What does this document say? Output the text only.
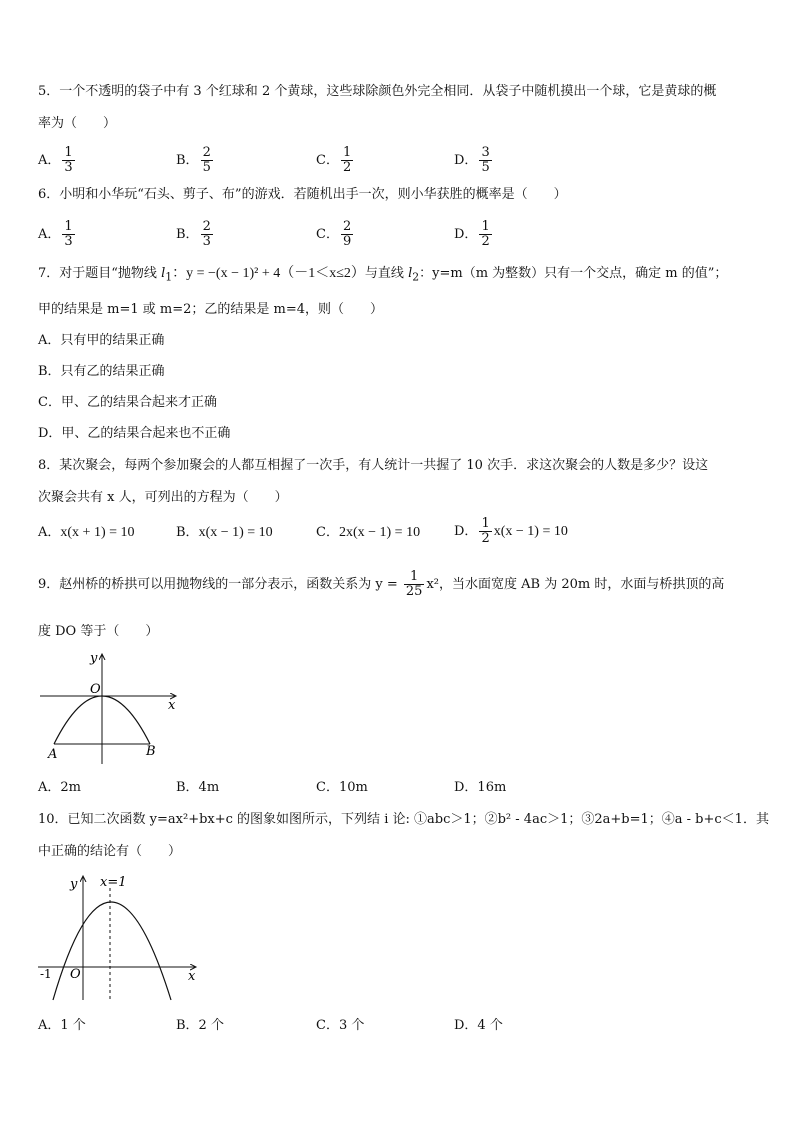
5．一个不透明的袋子中有 3 个红球和 2 个黄球，这些球除颜色外完全相同．从袋子中随机摸出一个球，它是黄球的概
率为（　　）
A． $\frac{1}{3}$	B． $\frac{2}{5}$	C． $\frac{1}{2}$	D． $\frac{3}{5}$
6．小明和小华玩“石头、剪子、布”的游戏．若随机出手一次，则小华获胜的概率是（　　）
A． $\frac{1}{3}$	B． $\frac{2}{3}$	C． $\frac{2}{9}$	D． $\frac{1}{2}$
7．对于题目“抛物线 $l_1$：y = −(x − 1)² + 4（－1＜x≤2）与直线 $l_2$：y=m（m 为整数）只有一个交点，确定 m 的值”；
甲的结果是 m=1 或 m=2；乙的结果是 m=4，则（　　）
A．只有甲的结果正确
B．只有乙的结果正确
C．甲、乙的结果合起来才正确
D．甲、乙的结果合起来也不正确
8．某次聚会，每两个参加聚会的人都互相握了一次手，有人统计一共握了 10 次手．求这次聚会的人数是多少？设这
次聚会共有 x 人，可列出的方程为（　　）
A．x(x + 1) = 10	B．x(x − 1) = 10	C．2x(x − 1) = 10	D． $\frac{1}{2} x(x - 1) = 10$
9．赵州桥的桥拱可以用抛物线的一部分表示，函数关系为 $y = \frac{1}{25} x^2$，当水面宽度 AB 为 20m 时，水面与桥拱顶的高
度 DO 等于（　　）
y
x
O
A	B
A．2m	B．4m	C．10m	D．16m
10．已知二次函数 y=ax²+bx+c 的图象如图所示，下列结 i 论: ①abc＞1；②b² - 4ac＞1；③2a+b=1；④a - b+c＜1．其
中正确的结论有（　　）
y x=1
x
-1 O
A．1 个	B．2 个	C．3 个	D．4 个
